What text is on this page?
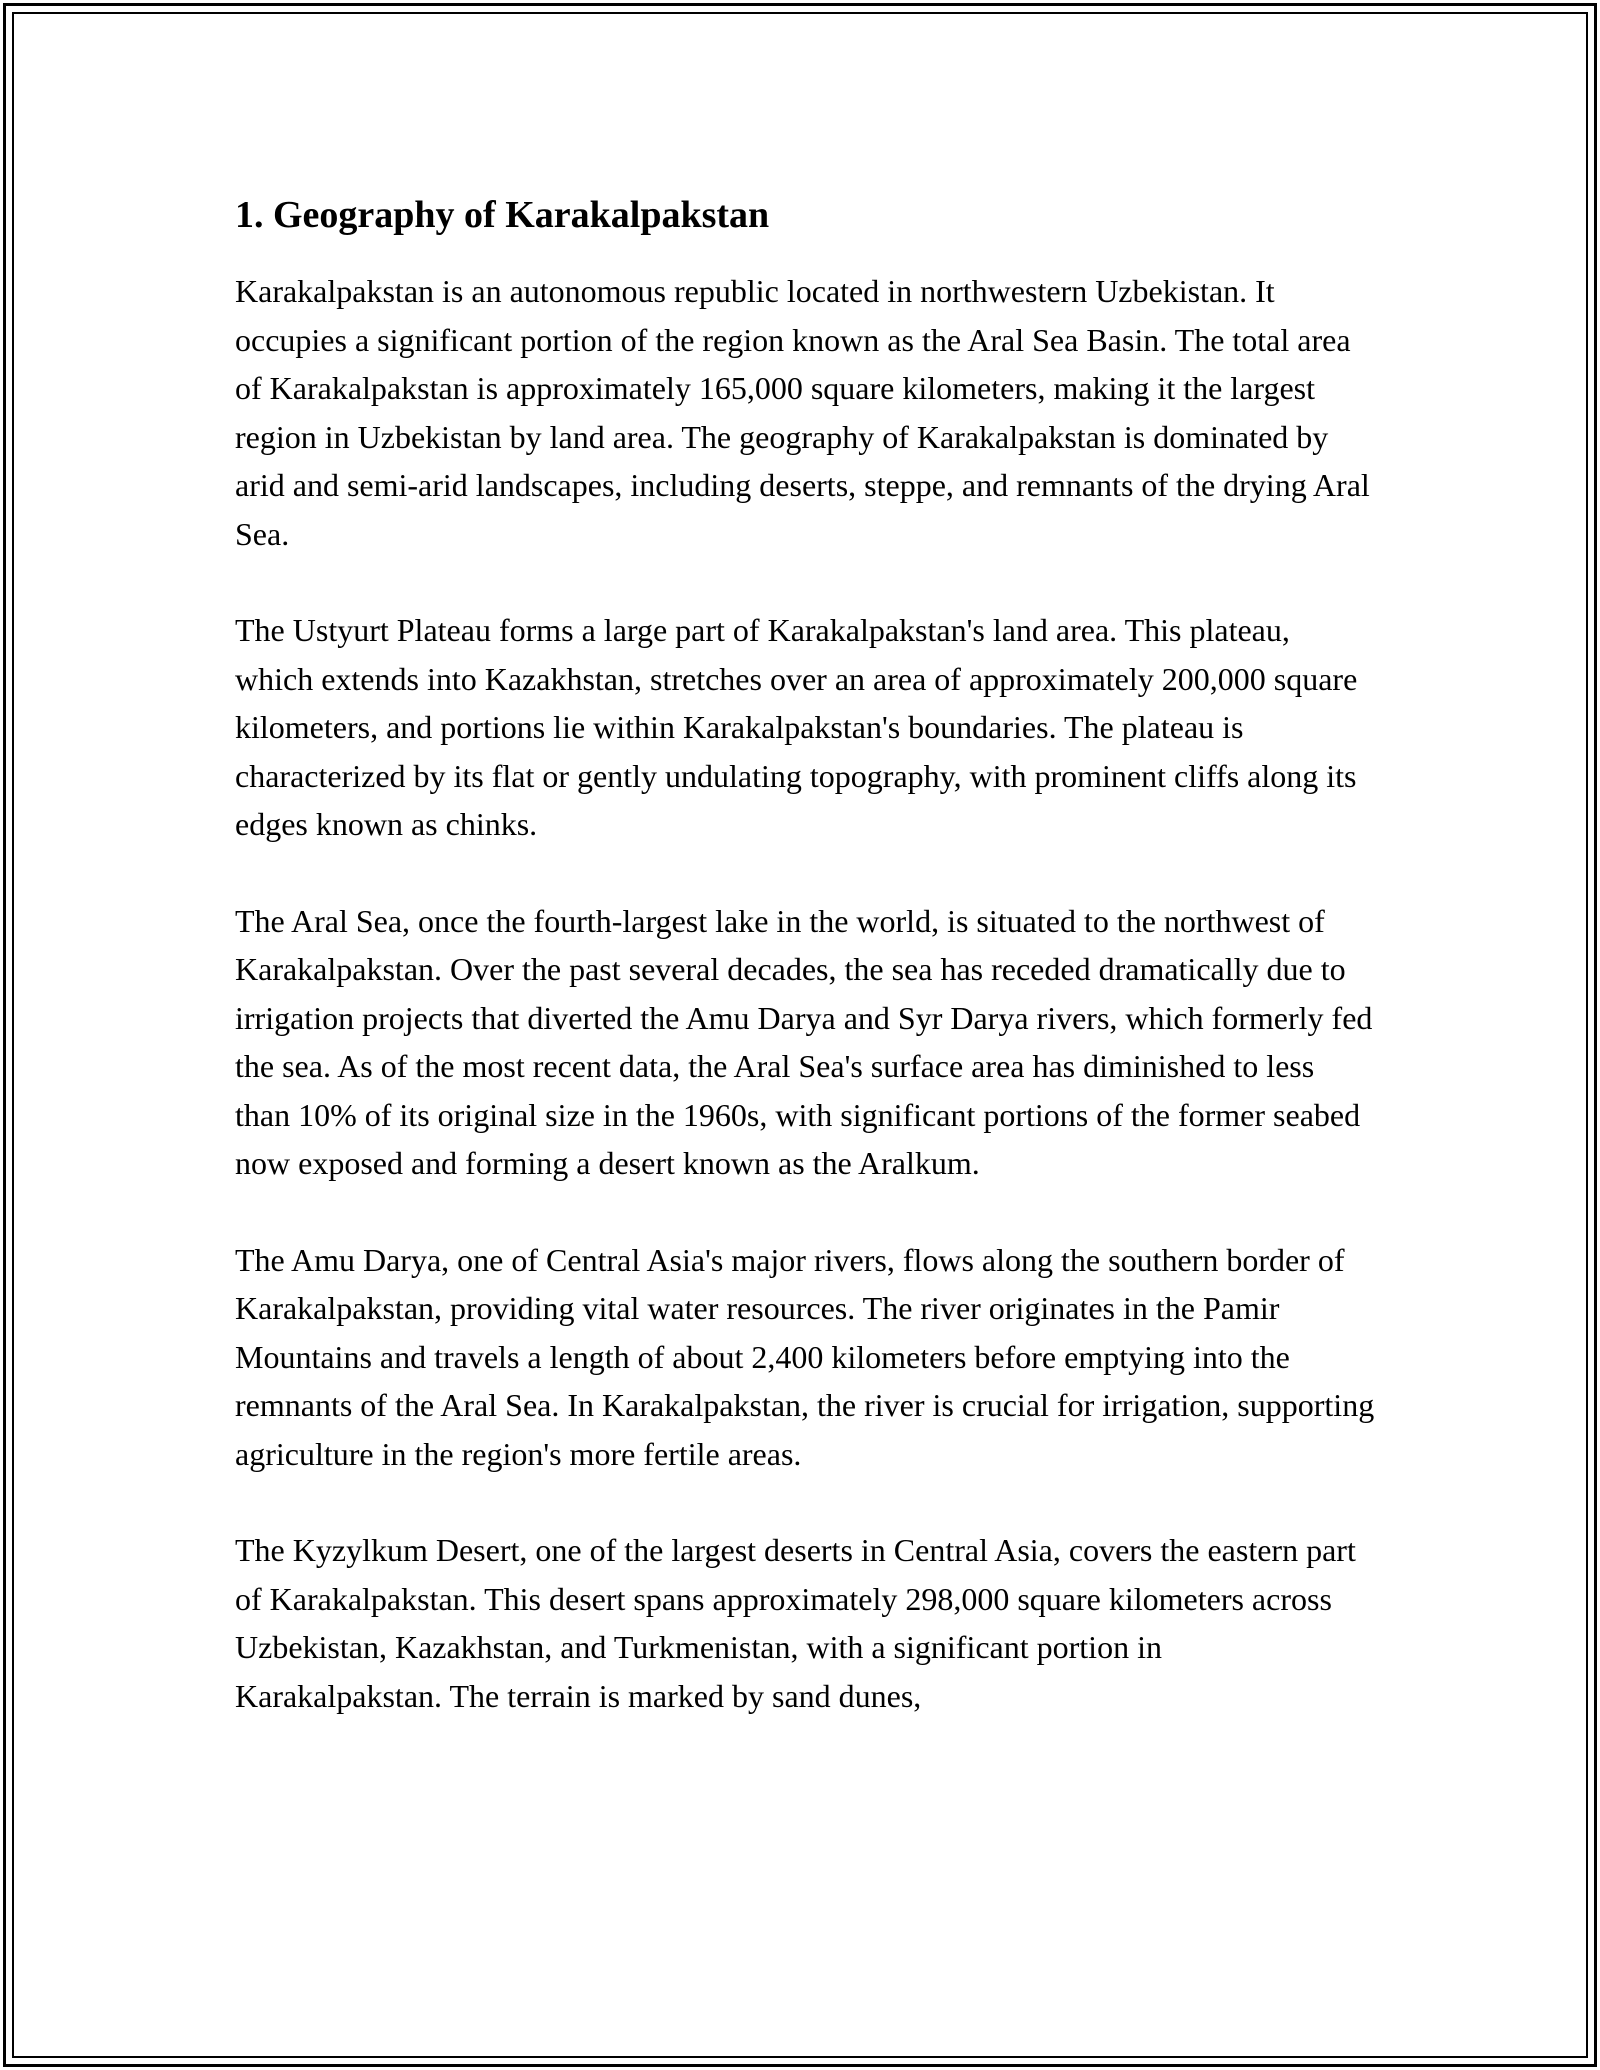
1. Geography of Karakalpakstan

Karakalpakstan is an autonomous republic located in northwestern Uzbekistan. It occupies a significant portion of the region known as the Aral Sea Basin. The total area of Karakalpakstan is approximately 165,000 square kilometers, making it the largest region in Uzbekistan by land area. The geography of Karakalpakstan is dominated by arid and semi-arid landscapes, including deserts, steppe, and remnants of the drying Aral Sea.

The Ustyurt Plateau forms a large part of Karakalpakstan's land area. This plateau, which extends into Kazakhstan, stretches over an area of approximately 200,000 square kilometers, and portions lie within Karakalpakstan's boundaries. The plateau is characterized by its flat or gently undulating topography, with prominent cliffs along its edges known as chinks.

The Aral Sea, once the fourth-largest lake in the world, is situated to the northwest of Karakalpakstan. Over the past several decades, the sea has receded dramatically due to irrigation projects that diverted the Amu Darya and Syr Darya rivers, which formerly fed the sea. As of the most recent data, the Aral Sea's surface area has diminished to less than 10% of its original size in the 1960s, with significant portions of the former seabed now exposed and forming a desert known as the Aralkum.

The Amu Darya, one of Central Asia's major rivers, flows along the southern border of Karakalpakstan, providing vital water resources. The river originates in the Pamir Mountains and travels a length of about 2,400 kilometers before emptying into the remnants of the Aral Sea. In Karakalpakstan, the river is crucial for irrigation, supporting agriculture in the region's more fertile areas.

The Kyzylkum Desert, one of the largest deserts in Central Asia, covers the eastern part of Karakalpakstan. This desert spans approximately 298,000 square kilometers across Uzbekistan, Kazakhstan, and Turkmenistan, with a significant portion in Karakalpakstan. The terrain is marked by sand dunes,
